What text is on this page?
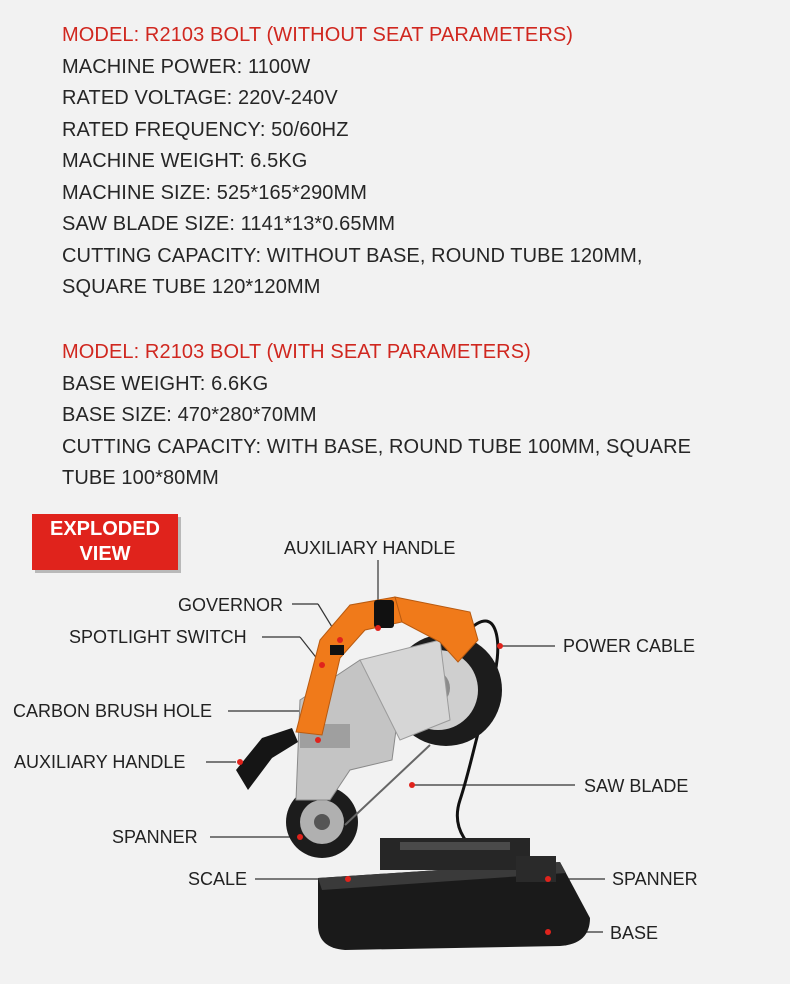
MODEL: R2103 BOLT (WITHOUT SEAT PARAMETERS)
MACHINE POWER: 1100W
RATED VOLTAGE: 220V-240V
RATED FREQUENCY: 50/60HZ
MACHINE WEIGHT: 6.5KG
MACHINE SIZE: 525*165*290MM
SAW BLADE SIZE: 1141*13*0.65MM
CUTTING CAPACITY: WITHOUT BASE, ROUND TUBE 120MM,
SQUARE TUBE 120*120MM
MODEL: R2103 BOLT (WITH SEAT PARAMETERS)
BASE WEIGHT: 6.6KG
BASE SIZE: 470*280*70MM
CUTTING CAPACITY: WITH BASE, ROUND TUBE 100MM, SQUARE
TUBE 100*80MM
EXPLODED
VIEW	AUXILIARY HANDLE
GOVERNOR
SPOTLIGHT SWITCH	POWER CABLE
CARBON BRUSH HOLE
AUXILIARY HANDLE
SAW BLADE
SPANNER
SCALE	SPANNER
BASE
